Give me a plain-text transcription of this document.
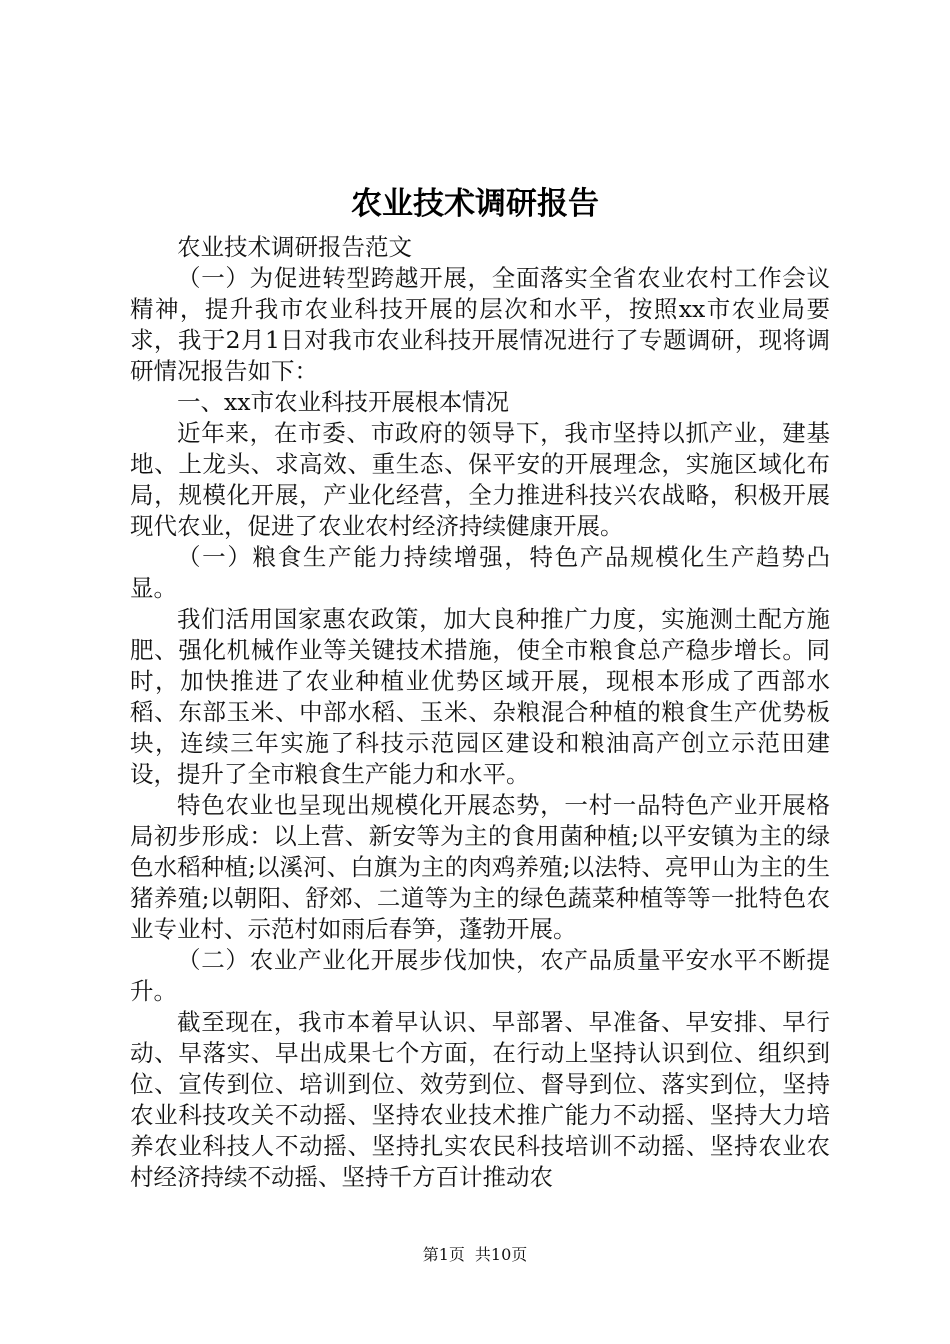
农业技术调研报告

农业技术调研报告范文

（一）为促进转型跨越开展，全面落实全省农业农村工作会议精神，提升我市农业科技开展的层次和水平，按照xx市农业局要求，我于2月1日对我市农业科技开展情况进行了专题调研，现将调研情况报告如下：

一、xx市农业科技开展根本情况

近年来，在市委、市政府的领导下，我市坚持以抓产业，建基地、上龙头、求高效、重生态、保平安的开展理念，实施区域化布局，规模化开展，产业化经营，全力推进科技兴农战略，积极开展现代农业，促进了农业农村经济持续健康开展。

（一）粮食生产能力持续增强，特色产品规模化生产趋势凸显。

我们活用国家惠农政策，加大良种推广力度，实施测土配方施肥、强化机械作业等关键技术措施，使全市粮食总产稳步增长。同时，加快推进了农业种植业优势区域开展，现根本形成了西部水稻、东部玉米、中部水稻、玉米、杂粮混合种植的粮食生产优势板块，连续三年实施了科技示范园区建设和粮油高产创立示范田建设，提升了全市粮食生产能力和水平。

特色农业也呈现出规模化开展态势，一村一品特色产业开展格局初步形成：以上营、新安等为主的食用菌种植;以平安镇为主的绿色水稻种植;以溪河、白旗为主的肉鸡养殖;以法特、亮甲山为主的生猪养殖;以朝阳、舒郊、二道等为主的绿色蔬菜种植等等一批特色农业专业村、示范村如雨后春笋，蓬勃开展。

（二）农业产业化开展步伐加快，农产品质量平安水平不断提升。

截至现在，我市本着早认识、早部署、早准备、早安排、早行动、早落实、早出成果七个方面，在行动上坚持认识到位、组织到位、宣传到位、培训到位、效劳到位、督导到位、落实到位，坚持农业科技攻关不动摇、坚持农业技术推广能力不动摇、坚持大力培养农业科技人不动摇、坚持扎实农民科技培训不动摇、坚持农业农村经济持续不动摇、坚持千方百计推动农

第1页 共10页
